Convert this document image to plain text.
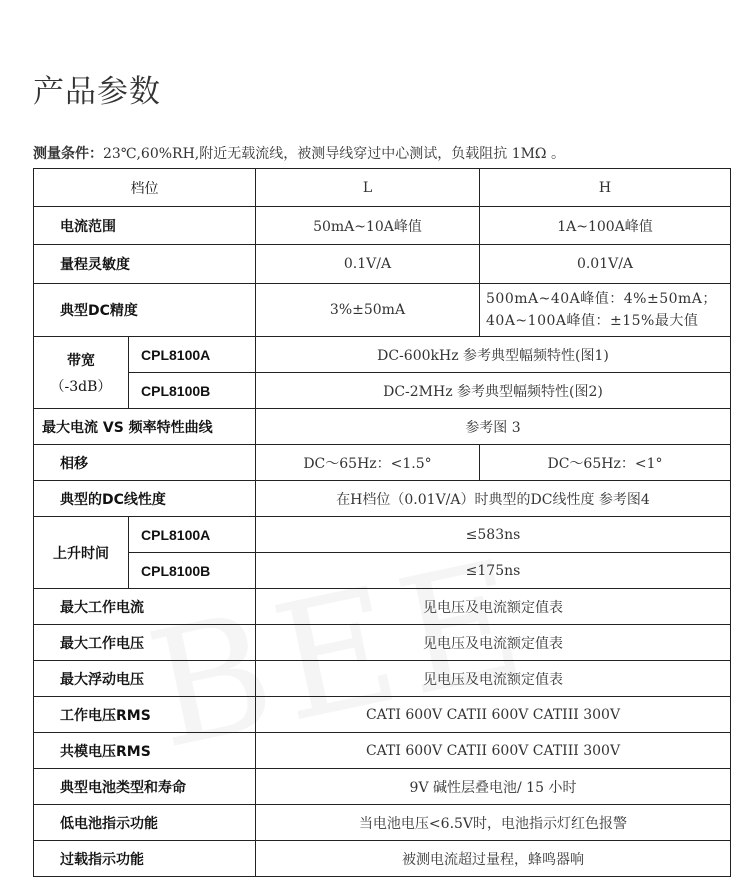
产品参数
测量条件：23℃,60%RH,附近无载流线，被测导线穿过中心测试，负载阻抗 1MΩ 。
档位		L	H
电流范围		50mA~10A峰值	1A~100A峰值
量程灵敏度		0.1V/A	0.01V/A
典型DC精度		3%±50mA	500mA~40A峰值：4%±50mA；40A~100A峰值：±15%最大值

带宽
（-3dB）	CPL8100A	DC-600kHz 参考典型幅频特性(图1)	
	CPL8100B	DC-2MHz 参考典型幅频特性(图2)	
最大电流 VS 频率特性曲线		参考图 3	
相移		DC～65Hz：<1.5°	DC～65Hz：<1°
典型的DC线性度		在H档位（0.01V/A）时典型的DC线性度 参考图4	
上升时间	CPL8100A	≤583ns	
	CPL8100B	≤175ns	
最大工作电流		见电压及电流额定值表	
最大工作电压		见电压及电流额定值表	
最大浮动电压		见电压及电流额定值表	
工作电压RMS		CATI 600V CATII 600V CATIII 300V	
共模电压RMS		CATI 600V CATII 600V CATIII 300V	
典型电池类型和寿命		9V 碱性层叠电池/ 15 小时	
低电池指示功能		当电池电压<6.5V时，电池指示灯红色报警	
过载指示功能		被测电流超过量程，蜂鸣器响	
